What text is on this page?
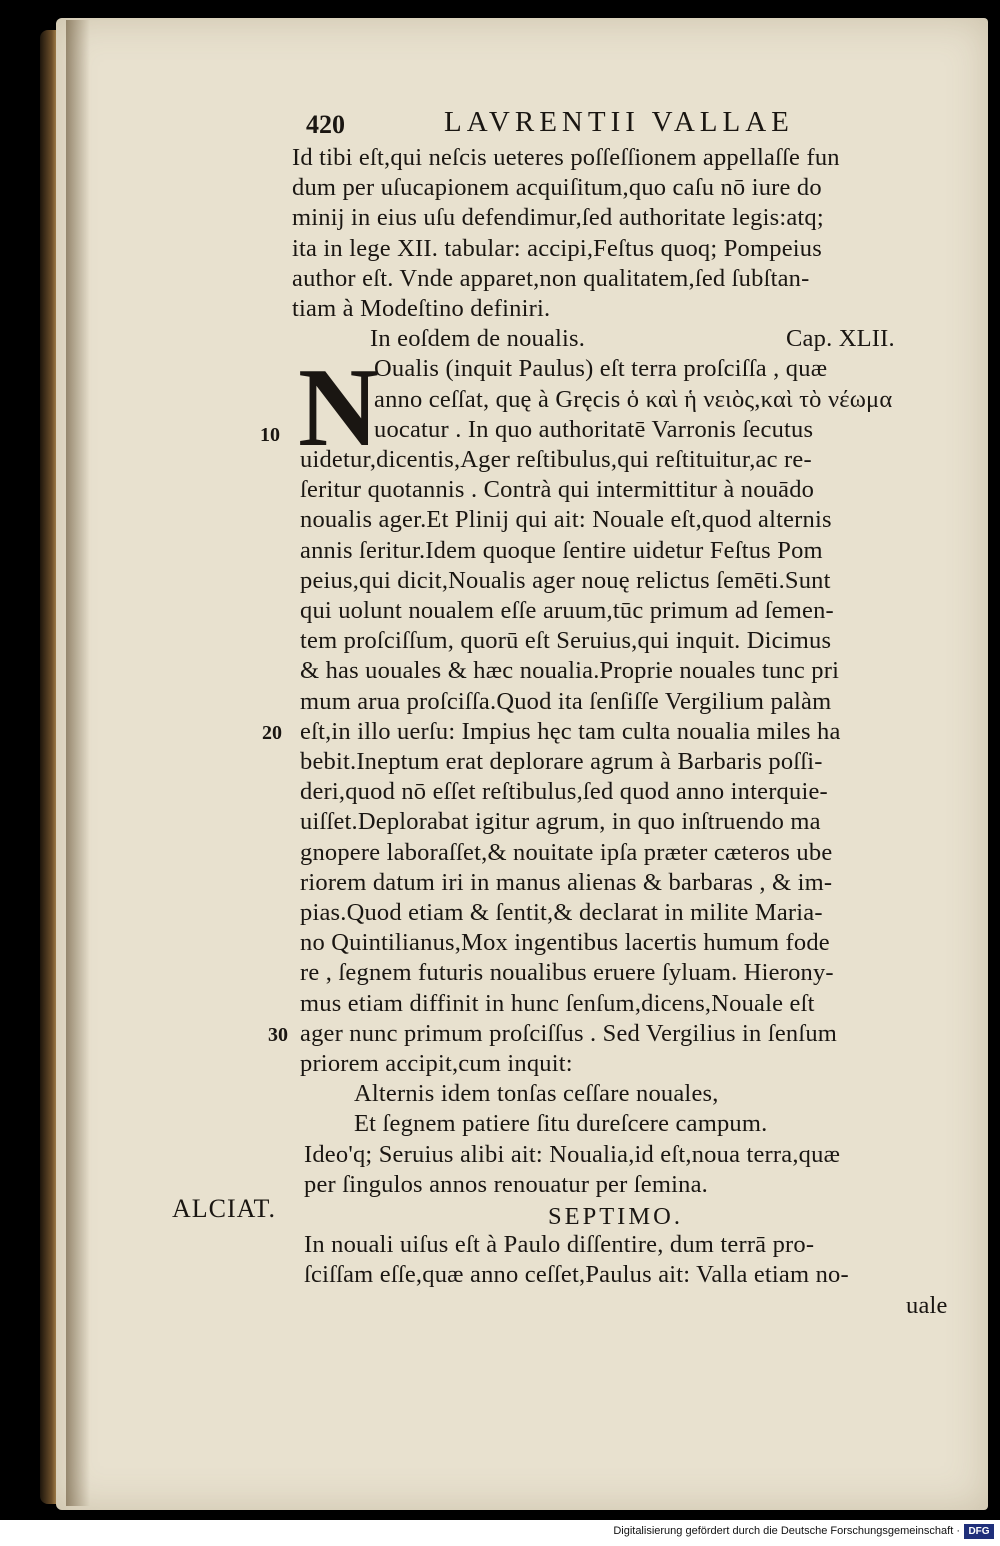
420	LAVRENTII VALLAE
Id tibi eſt,qui neſcis ueteres poſſeſſionem appellaſſe fun
dum per uſucapionem acquiſitum,quo caſu nō iure do
minij in eius uſu defendimur,ſed authoritate legis:atq;
ita in lege XII. tabular: accipi,Feſtus quoq; Pompeius
author eſt. Vnde apparet,non qualitatem,ſed ſubſtan-
tiam à Modeſtino definiri.
In eoſdem de noualis.	Cap. XLII.
Oualis (inquit Paulus) eſt terra proſciſſa , quæ
anno ceſſat, quę à Gręcis ὁ καὶ ἡ νειὸς,καὶ τὸ νέωμα
uocatur . In quo authoritatē Varronis ſecutus
uidetur,dicentis,Ager reſtibulus,qui reſtituitur,ac re-
ſeritur quotannis . Contrà qui intermittitur à nouādo
noualis ager.Et Plinij qui ait: Nouale eſt,quod alternis
annis ſeritur.Idem quoque ſentire uidetur Feſtus Pom
peius,qui dicit,Noualis ager nouę relictus ſemēti.Sunt
qui uolunt noualem eſſe aruum,tūc primum ad ſemen-
tem proſciſſum, quorū eſt Seruius,qui inquit. Dicimus
& has uouales & hæc noualia.Proprie nouales tunc pri
mum arua proſciſſa.Quod ita ſenſiſſe Vergilium palàm
eſt,in illo uerſu: Impius hęc tam culta noualia miles ha
bebit.Ineptum erat deplorare agrum à Barbaris poſſi-
deri,quod nō eſſet reſtibulus,ſed quod anno interquie-
uiſſet.Deplorabat igitur agrum, in quo inſtruendo ma
gnopere laboraſſet,& nouitate ipſa præter cæteros ube
riorem datum iri in manus alienas & barbaras , & im-
pias.Quod etiam & ſentit,& declarat in milite Maria-
no Quintilianus,Mox ingentibus lacertis humum fode
re , ſegnem futuris noualibus eruere ſyluam. Hierony-
mus etiam diffinit in hunc ſenſum,dicens,Nouale eſt
ager nunc primum proſciſſus . Sed Vergilius in ſenſum
priorem accipit,cum inquit:
Alternis idem tonſas ceſſare nouales,
Et ſegnem patiere ſitu dureſcere campum.
Ideo'q; Seruius alibi ait: Noualia,id eſt,noua terra,quæ
per ſingulos annos renouatur per ſemina.
SEPTIMO.
In nouali uiſus eſt à Paulo diſſentire, dum terrā pro-
ſciſſam eſſe,quæ anno ceſſet,Paulus ait: Valla etiam no-
uale
N
10
20
30
ALCIAT.
Digitalisierung gefördert durch die Deutsche Forschungsgemeinschaft · DFG
